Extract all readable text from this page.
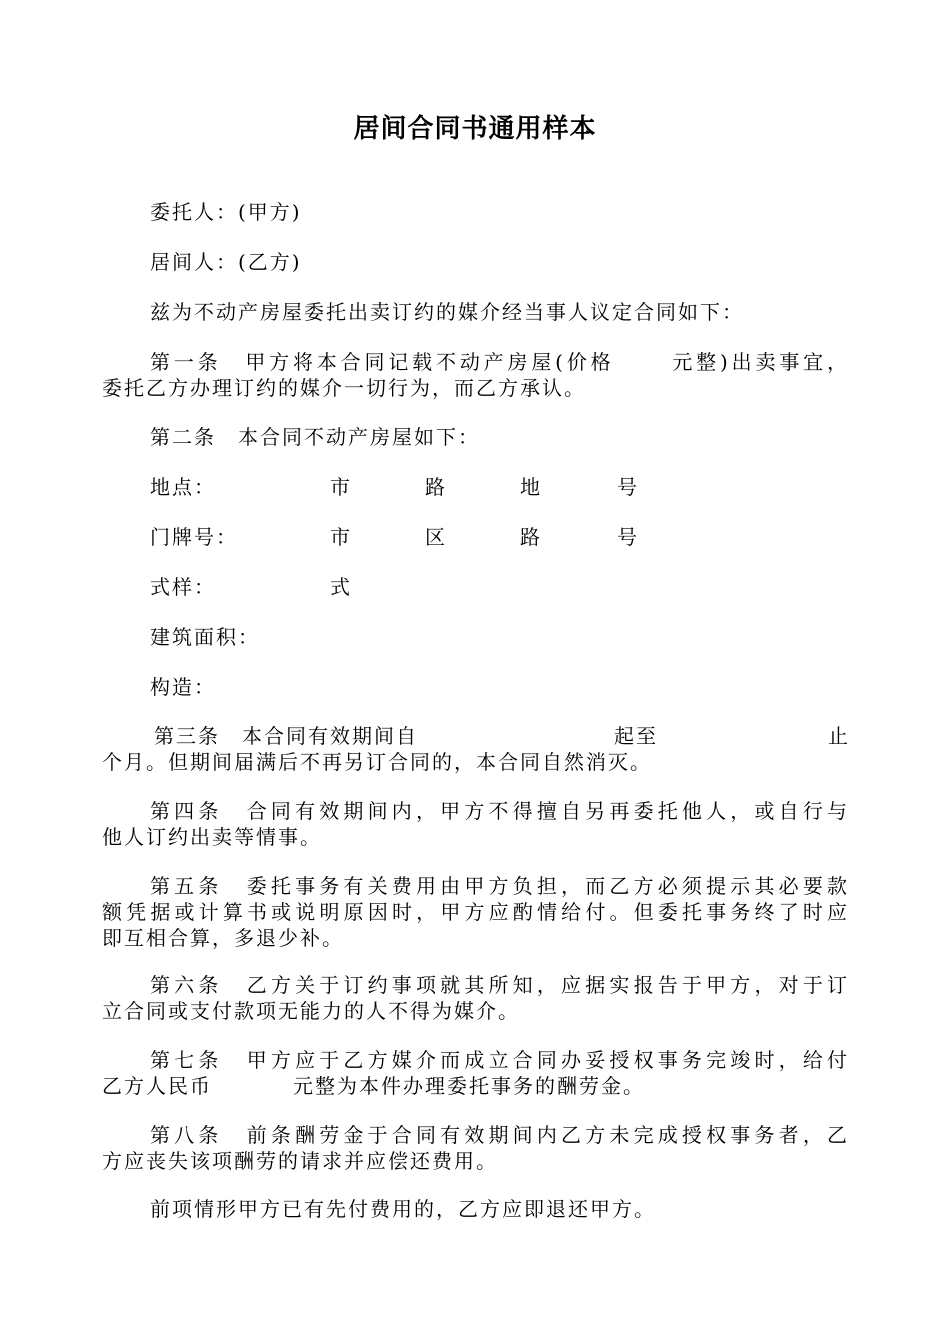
居间合同书通用样本
委托人：(甲方)
居间人：(乙方)
兹为不动产房屋委托出卖订约的媒介经当事人议定合同如下：
第一条　甲方将本合同记载不动产房屋(价格　　 元整)出卖事宜，
委托乙方办理订约的媒介一切行为，而乙方承认。
第二条　本合同不动产房屋如下：
地点：	市	路	地	号
门牌号：	市	区	路	号
式样：	式
建筑面积：
构造：
第三条　本合同有效期间自	起至	止
个月。但期间届满后不再另订合同的，本合同自然消灭。
第四条　合同有效期间内，甲方不得擅自另再委托他人，或自行与
他人订约出卖等情事。
第五条　委托事务有关费用由甲方负担，而乙方必须提示其必要款
额凭据或计算书或说明原因时，甲方应酌情给付。但委托事务终了时应
即互相合算，多退少补。
第六条　乙方关于订约事项就其所知，应据实报告于甲方，对于订
立合同或支付款项无能力的人不得为媒介。
第七条　甲方应于乙方媒介而成立合同办妥授权事务完竣时，给付
乙方人民币	元整为本件办理委托事务的酬劳金。
第八条　前条酬劳金于合同有效期间内乙方未完成授权事务者，乙
方应丧失该项酬劳的请求并应偿还费用。
前项情形甲方已有先付费用的，乙方应即退还甲方。
